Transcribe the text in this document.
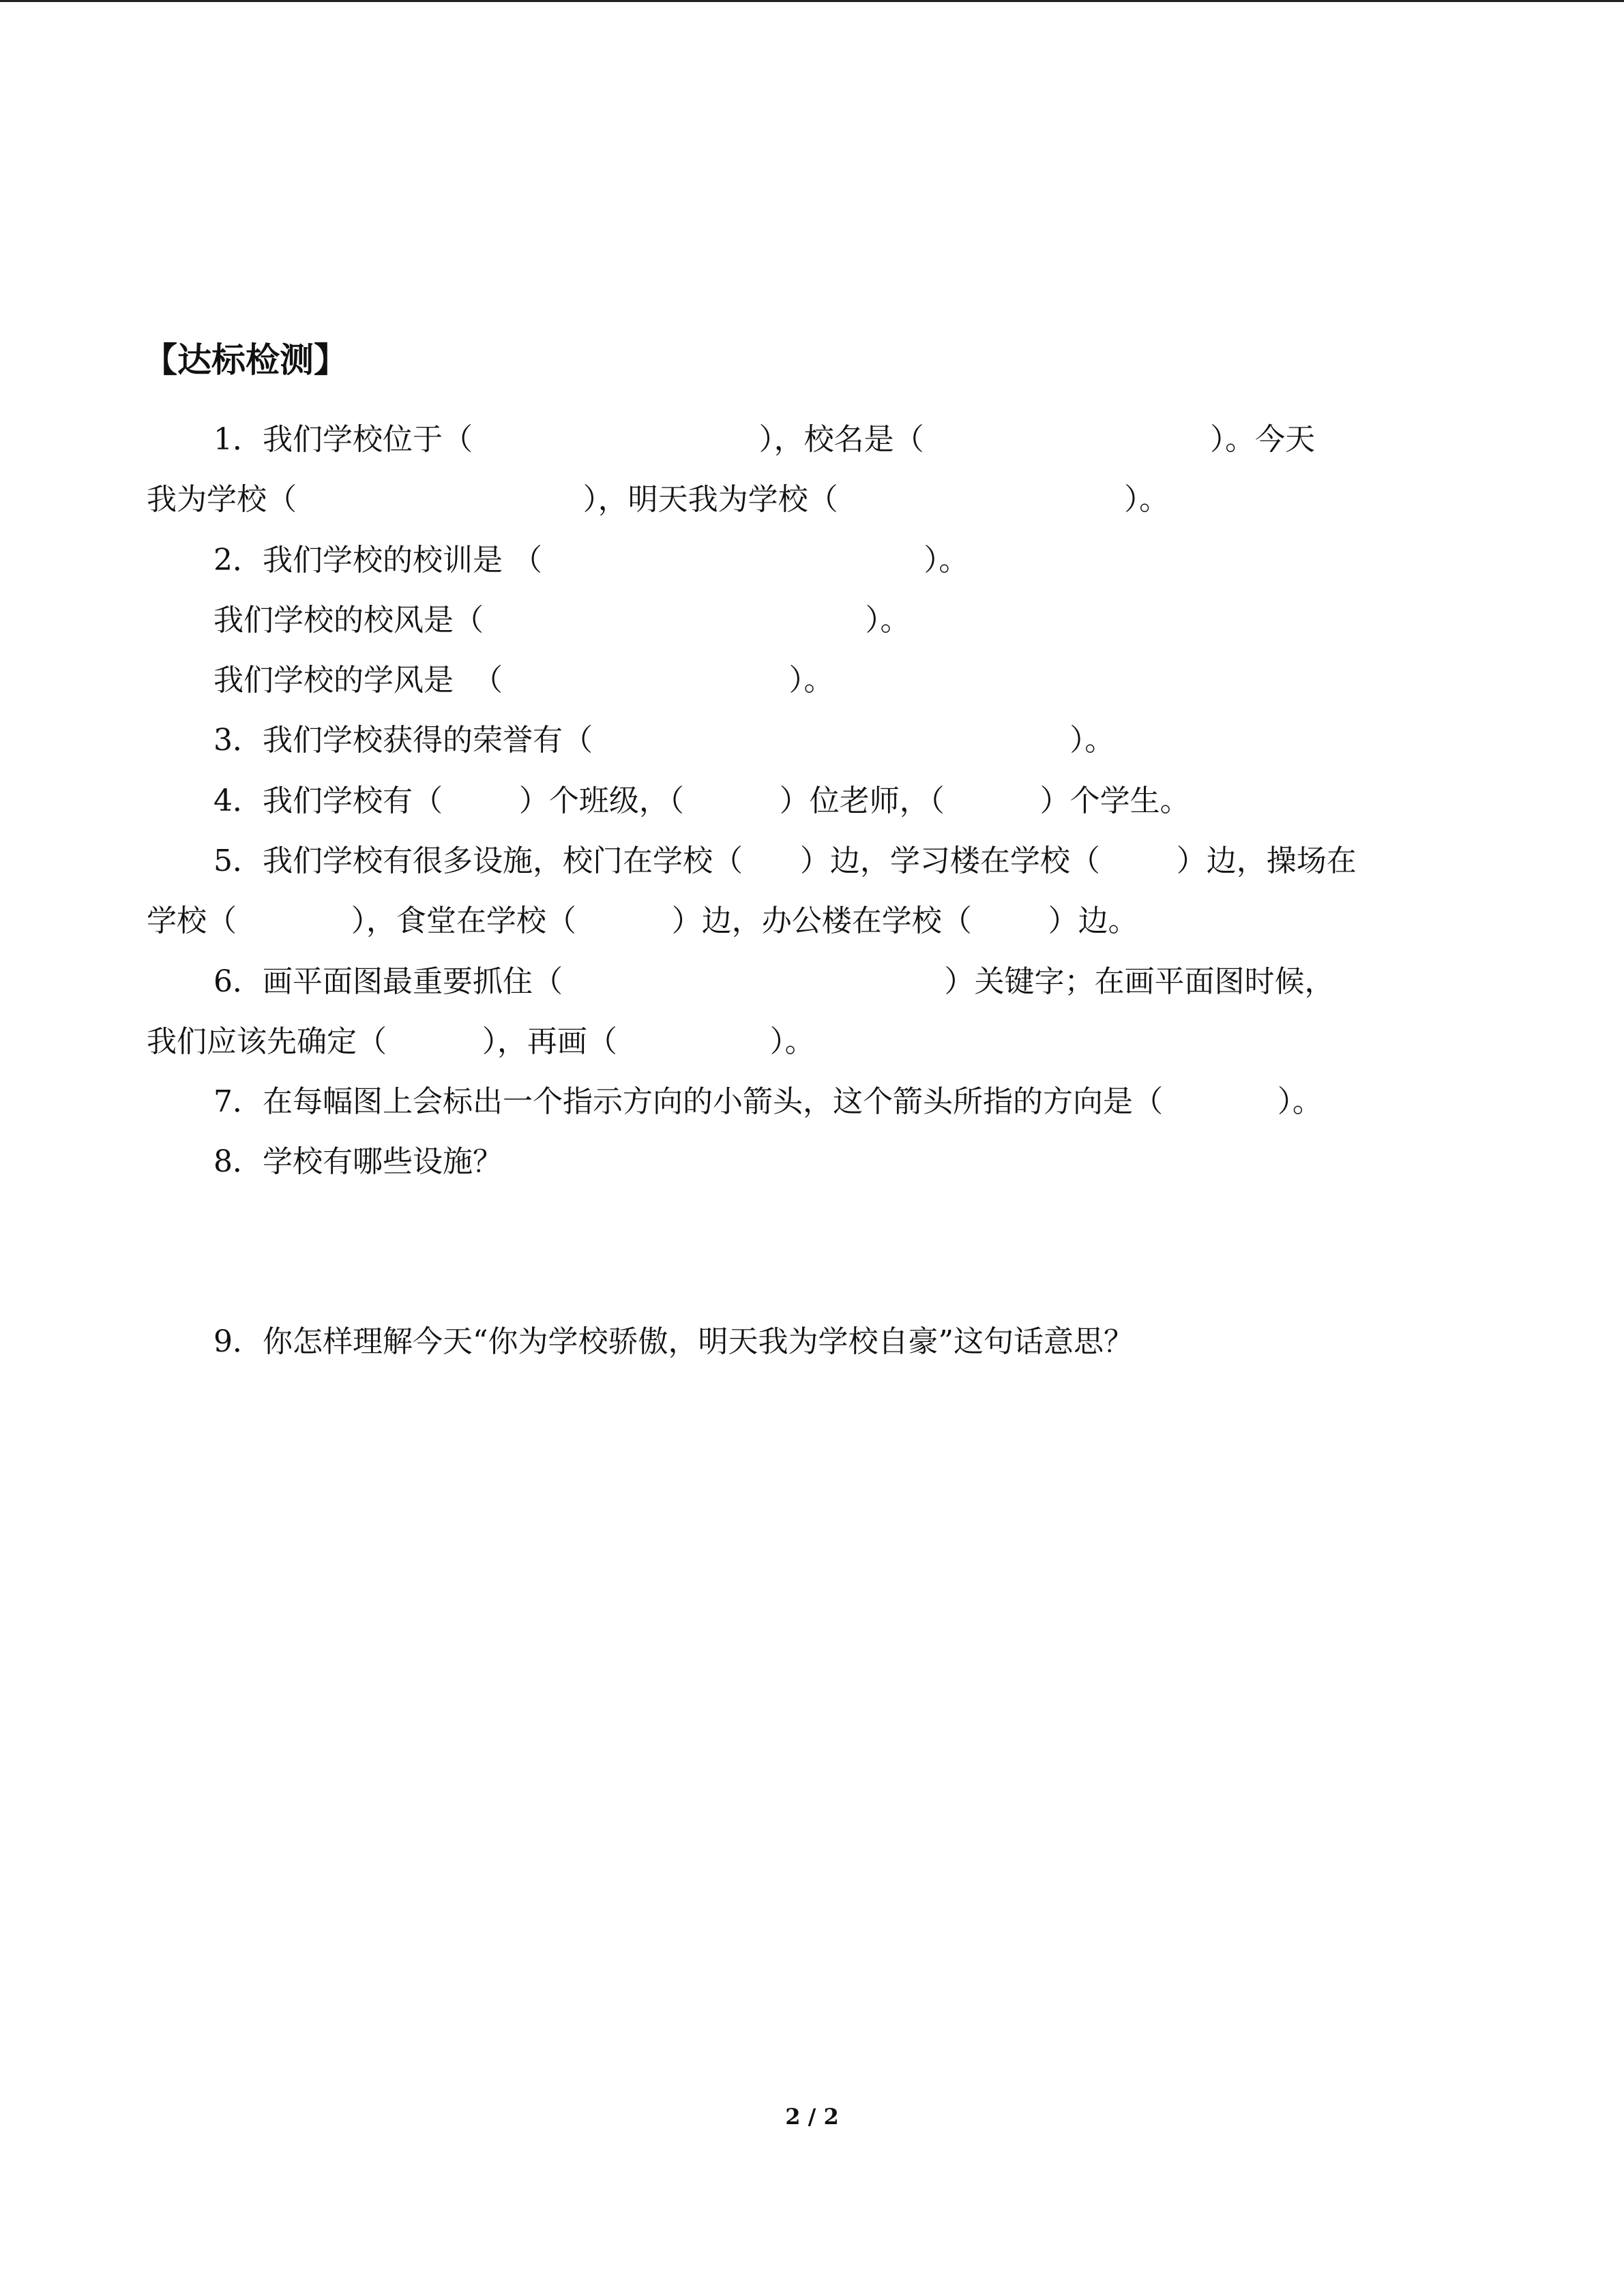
【达标检测】
1．我们学校位于（                              ），校名是（                              ）。今天
我为学校（                              ），明天我为学校（                              ）。
2．我们学校的校训是 （                                        ）。
我们学校的校风是（                                        ）。
我们学校的学风是  （                              ）。
3．我们学校获得的荣誉有（                                                  ）。
4．我们学校有（        ）个班级，（          ）位老师，（          ）个学生。
5．我们学校有很多设施，校门在学校（      ）边，学习楼在学校（        ）边，操场在
学校（            ），食堂在学校（          ）边，办公楼在学校（        ）边。
6．画平面图最重要抓住（                                        ）关键字；在画平面图时候，
我们应该先确定（          ），再画（                ）。
7．在每幅图上会标出一个指示方向的小箭头，这个箭头所指的方向是（            ）。
8．学校有哪些设施？
9．你怎样理解今天“你为学校骄傲，明天我为学校自豪”这句话意思？
2 / 2
